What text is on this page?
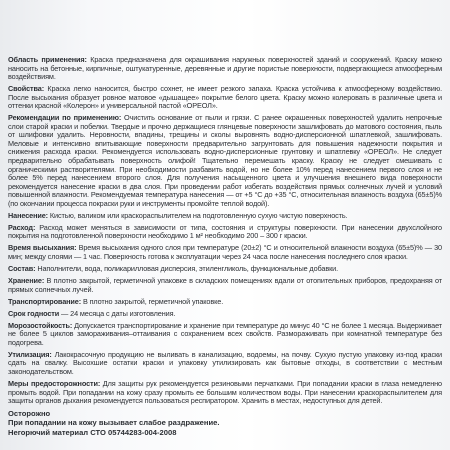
Область применения: Краска предназначена для окрашивания наружных поверхностей зданий и сооружений. Краску можно наносить на бетонные, кирпичные, оштукатуренные, деревянные и другие пористые поверхности, подвергающиеся атмосферным воздействиям.

Свойства: Краска легко наносится, быстро сохнет, не имеет резкого запаха. Краска устойчива к атмосферному воздействию. После высыхания образует ровное матовое «дышащее» покрытие белого цвета. Краску можно колеровать в различные цвета и оттенки красной «Колерон» и универсальной пастой «ОРЕОЛ».

Рекомендации по применению: Очистить основание от пыли и грязи. С ранее окрашенных поверхностей удалить непрочные слои старой краски и побелки. Твердые и прочно держащиеся глянцевые поверхности зашлифовать до матового состояния, пыль от шлифовки удалить. Неровности, впадины, трещины и сколы выровнять водно-дисперсионной шпатлевкой, зашлифовать. Меловые и интенсивно впитывающие поверхности предварительно загрунтовать для повышения надежности покрытия и снижения расхода краски. Рекомендуется использовать водно-дисперсионные грунтовку и шпатлевку «ОРЕОЛ». Не следует предварительно обрабатывать поверхность олифой! Тщательно перемешать краску. Краску не следует смешивать с органическими растворителями. При необходимости разбавить водой, но не более 10% перед нанесением первого слоя и не более 5% перед нанесением второго слоя. Для получения насыщенного цвета и улучшения внешнего вида поверхности рекомендуется нанесение краски в два слоя. При проведении работ избегать воздействия прямых солнечных лучей и условий повышенной влажности. Рекомендуемая температура нанесения — от +5 °С до +35 °С, относительная влажность воздуха (65±5)% (по окончании процесса покраски руки и инструменты промойте теплой водой).

Нанесение: Кистью, валиком или краскораспылителем на подготовленную сухую чистую поверхность.

Расход: Расход может меняться в зависимости от типа, состояния и структуры поверхности. При нанесении двухслойного покрытия на подготовленной поверхности необходимо 1 м² необходимо 200 – 300 г краски.

Время высыхания: Время высыхания одного слоя при температуре (20±2) °С и относительной влажности воздуха (65±5)% — 30 мин; между слоями — 1 час. Поверхность готова к эксплуатации через 24 часа после нанесения последнего слоя краски.

Состав: Наполнители, вода, поликарилловая дисперсия, этиленгликоль, функциональные добавки.

Хранение: В плотно закрытой, герметичной упаковке в складских помещениях вдали от отопительных приборов, предохраняя от прямых солнечных лучей.

Транспортирование: В плотно закрытой, герметичной упаковке.

Срок годности — 24 месяца с даты изготовления.

Морозостойкость: Допускается транспортирование и хранение при температуре до минус 40 °С не более 1 месяца. Выдерживает не более 5 циклов замораживания–оттаивания с сохранением всех свойств. Размораживать при комнатной температуре без подогрева.

Утилизация: Лакокрасочную продукцию не выливать в канализацию, водоемы, на почву. Сухую пустую упаковку из-под краски сдать на свалку. Высохшие остатки краски и упаковку утилизировать как бытовые отходы, в соответствии с местным законодательством.

Меры предосторожности: Для защиты рук рекомендуется резиновыми перчатками. При попадании краски в глаза немедленно промыть водой. При попадании на кожу сразу промыть ее большим количеством воды. При нанесении краскораспылителем для защиты органов дыхания рекомендуется пользоваться респиратором. Хранить в местах, недоступных для детей.

Осторожно
При попадании на кожу вызывает слабое раздражение.
Негорючий материал СТО 05744283-004-2008
